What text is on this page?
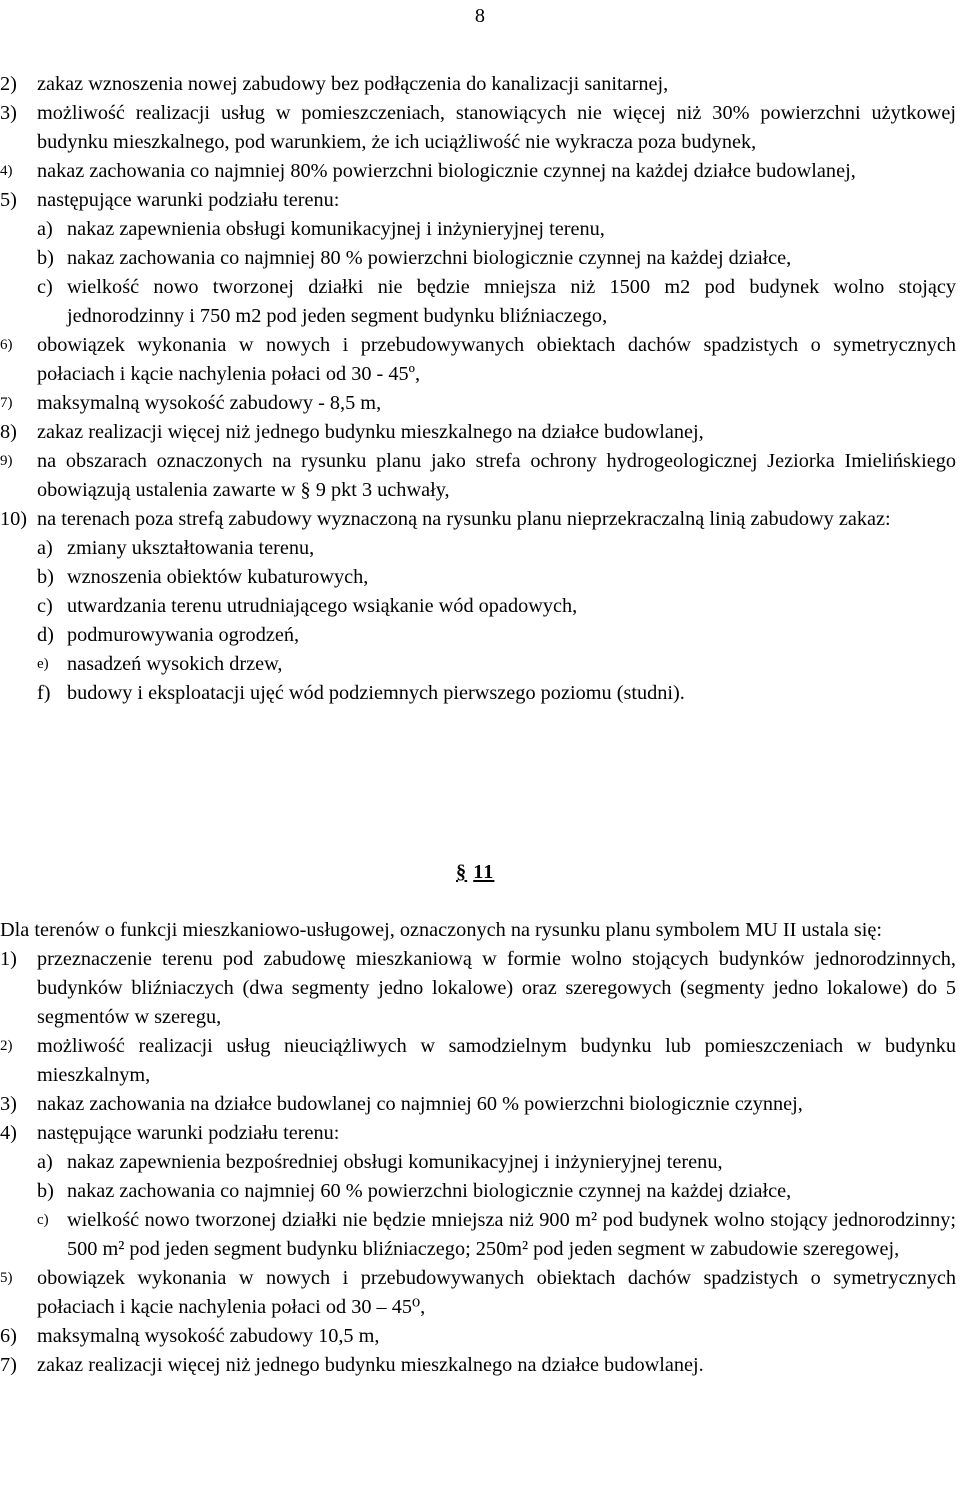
8
2) zakaz wznoszenia nowej zabudowy bez podłączenia do kanalizacji sanitarnej,
3) możliwość realizacji usług w pomieszczeniach, stanowiących nie więcej niż 30% powierzchni użytkowej budynku mieszkalnego, pod warunkiem, że ich uciążliwość nie wykracza poza budynek,
4) nakaz zachowania co najmniej 80% powierzchni biologicznie czynnej na każdej działce budowlanej,
5) następujące warunki podziału terenu:
a) nakaz zapewnienia obsługi komunikacyjnej i inżynieryjnej terenu,
b) nakaz zachowania co najmniej 80 % powierzchni biologicznie czynnej na każdej działce,
c) wielkość nowo tworzonej działki nie będzie mniejsza niż 1500 m2 pod budynek wolno stojący jednorodzinny i 750 m2 pod jeden segment budynku bliźniaczego,
6) obowiązek wykonania w nowych i przebudowywanych obiektach dachów spadzistych o symetrycznych połaciach i kącie nachylenia połaci od 30 - 45º,
7) maksymalną wysokość zabudowy - 8,5 m,
8) zakaz realizacji więcej niż jednego budynku mieszkalnego na działce budowlanej,
9) na obszarach oznaczonych na rysunku planu jako strefa ochrony hydrogeologicznej Jeziorka Imielińskiego obowiązują ustalenia zawarte w § 9 pkt 3 uchwały,
10) na terenach poza strefą zabudowy wyznaczoną na rysunku planu nieprzekraczalną linią zabudowy zakaz:
a) zmiany ukształtowania terenu,
b) wznoszenia obiektów kubaturowych,
c) utwardzania terenu utrudniającego wsiąkanie wód opadowych,
d) podmurowywania ogrodzeń,
e) nasadzeń wysokich drzew,
f) budowy i eksploatacji ujęć wód podziemnych pierwszego poziomu (studni).
§ 11
Dla terenów o funkcji mieszkaniowo-usługowej, oznaczonych na rysunku planu symbolem MU II ustala się:
1) przeznaczenie terenu pod zabudowę mieszkaniową w formie wolno stojących budynków jednorodzinnych, budynków bliźniaczych (dwa segmenty jedno lokalowe) oraz szeregowych (segmenty jedno lokalowe) do 5 segmentów w szeregu,
2) możliwość realizacji usług nieuciążliwych w samodzielnym budynku lub pomieszczeniach w budynku mieszkalnym,
3) nakaz zachowania na działce budowlanej co najmniej 60 % powierzchni biologicznie czynnej,
4) następujące warunki podziału terenu:
a) nakaz zapewnienia bezpośredniej obsługi komunikacyjnej i inżynieryjnej terenu,
b) nakaz zachowania co najmniej 60 % powierzchni biologicznie czynnej na każdej działce,
c) wielkość nowo tworzonej działki nie będzie mniejsza niż 900 m² pod budynek wolno stojący jednorodzinny; 500 m² pod jeden segment budynku bliźniaczego; 250m² pod jeden segment w zabudowie szeregowej,
5) obowiązek wykonania w nowych i przebudowywanych obiektach dachów spadzistych o symetrycznych połaciach i kącie nachylenia połaci od 30 – 45⁰,
6) maksymalną wysokość zabudowy 10,5 m,
7) zakaz realizacji więcej niż jednego budynku mieszkalnego na działce budowlanej.
